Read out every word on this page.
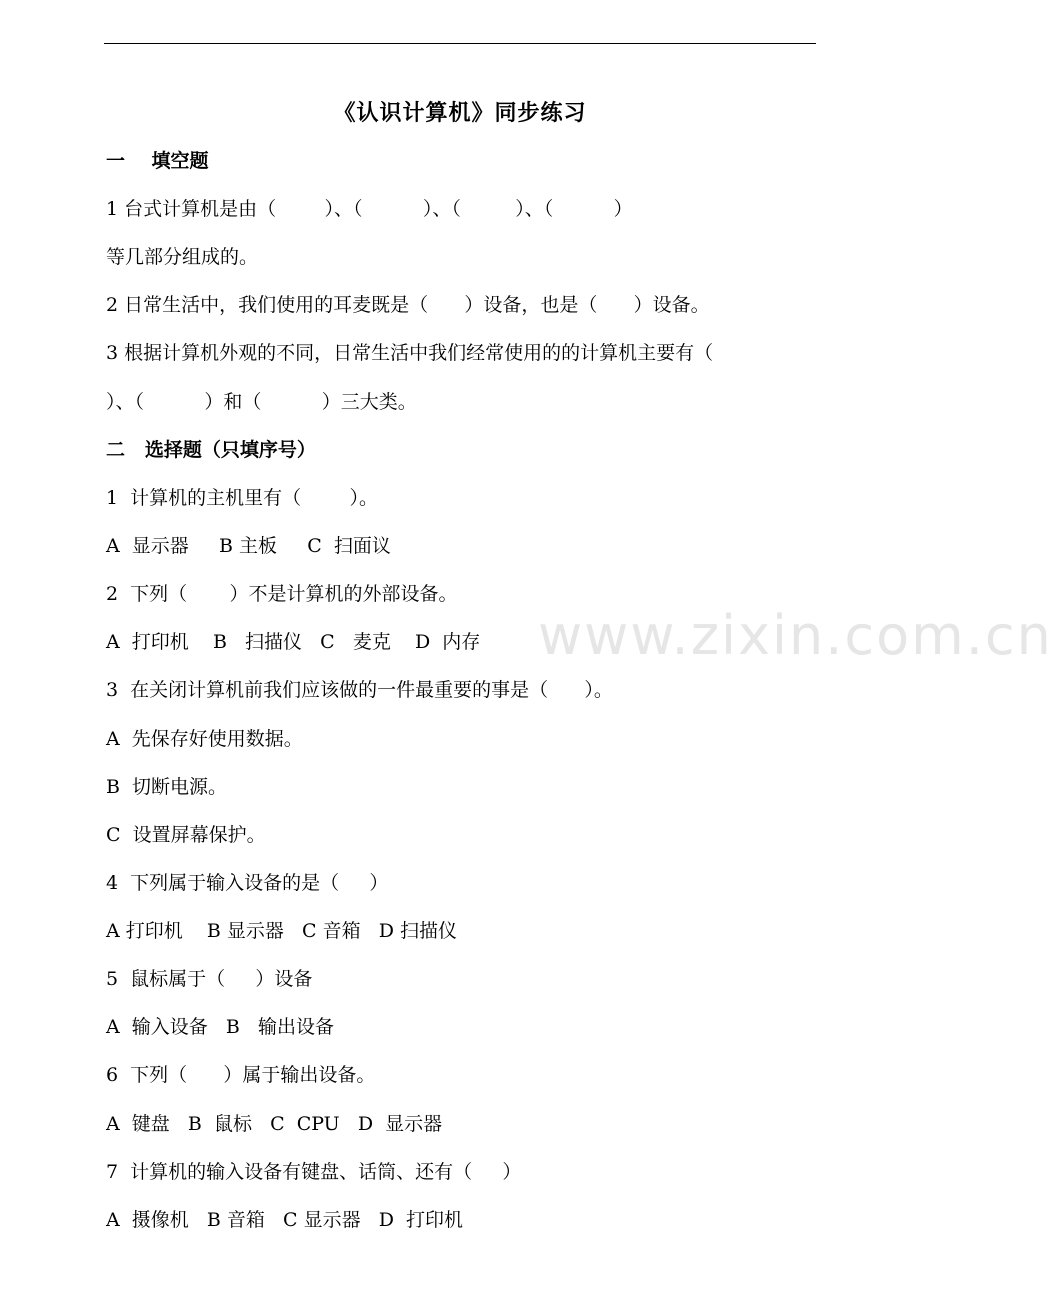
www.zixin.com.cn
《认识计算机》同步练习
一    填空题
1 台式计算机是由（        ）、（          ）、（         ）、（          ）
等几部分组成的。
2 日常生活中，我们使用的耳麦既是（      ）设备，也是（      ）设备。
3 根据计算机外观的不同，日常生活中我们经常使用的的计算机主要有（
）、（          ）和（          ）三大类。
二   选择题（只填序号）
1  计算机的主机里有（        ）。
A  显示器     B 主板     C  扫面议
2  下列（       ）不是计算机的外部设备。
A  打印机    B   扫描仪   C   麦克    D  内存
3  在关闭计算机前我们应该做的一件最重要的事是（      ）。
A  先保存好使用数据。
B  切断电源。
C  设置屏幕保护。
4  下列属于输入设备的是（     ）
A 打印机    B 显示器   C 音箱   D 扫描仪
5  鼠标属于（     ）设备
A  输入设备   B   输出设备
6  下列（      ）属于输出设备。
A  键盘   B  鼠标   C  CPU   D  显示器
7  计算机的输入设备有键盘、话筒、还有（     ）
A  摄像机   B 音箱   C 显示器   D  打印机
